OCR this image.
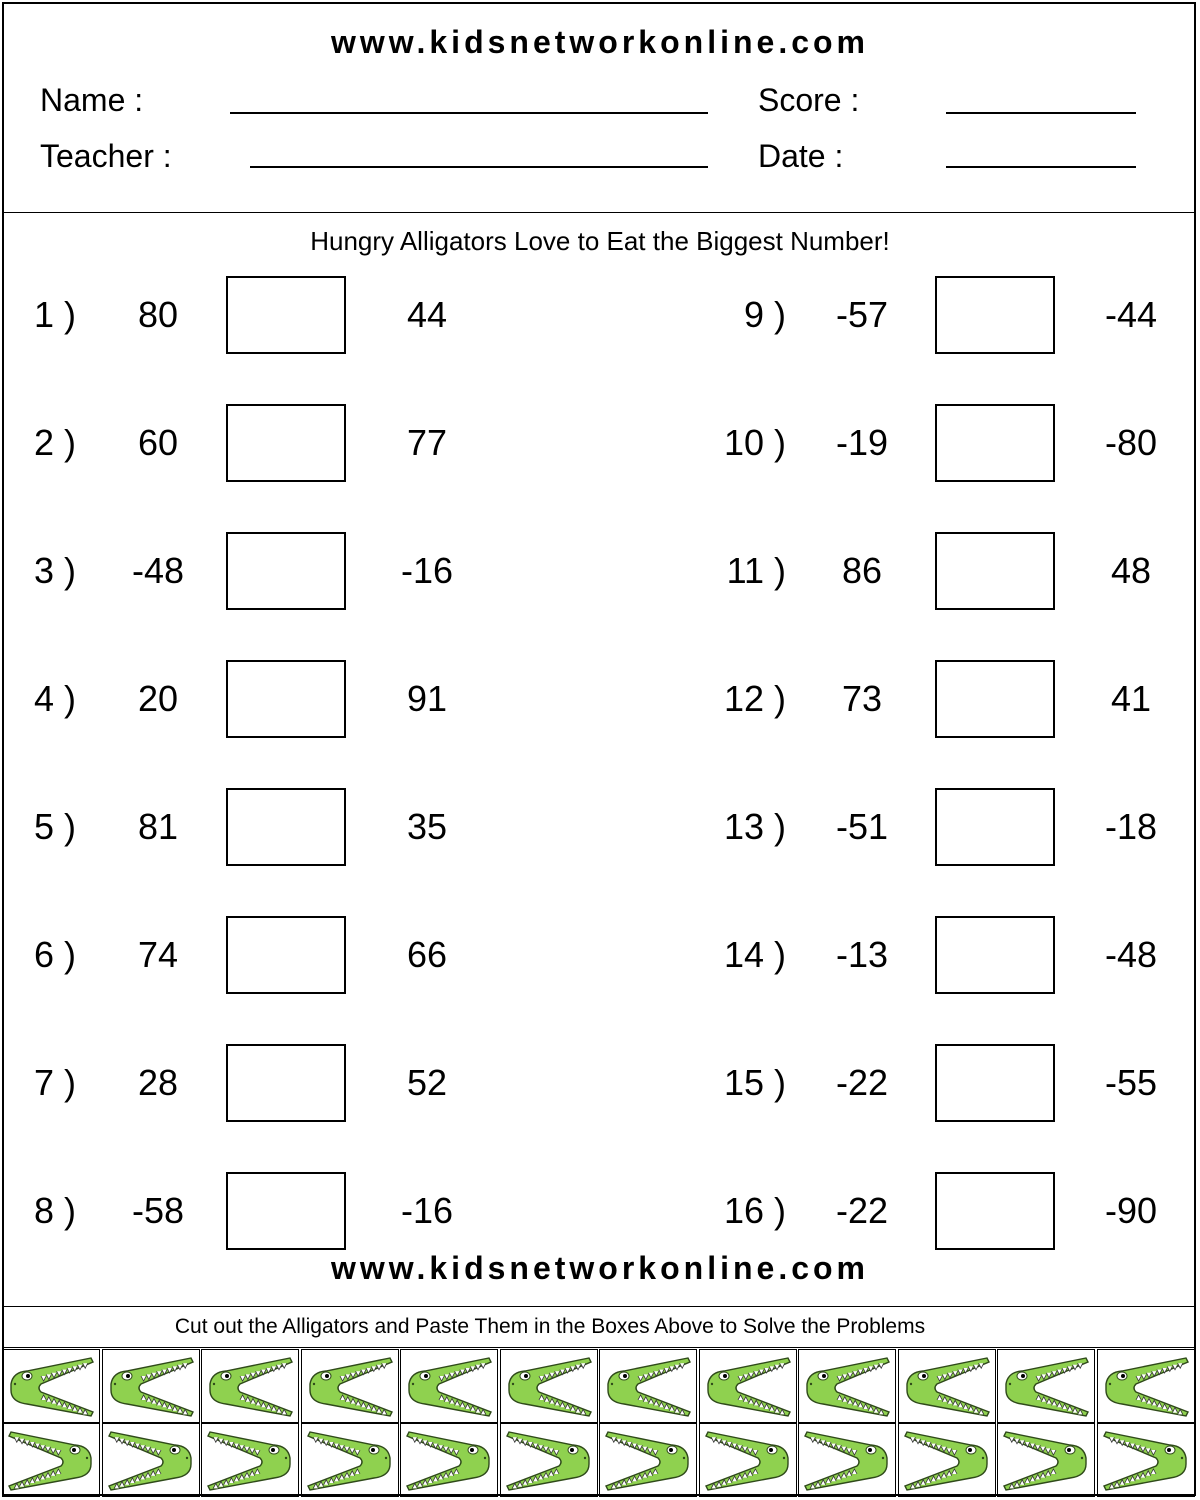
www.kidsnetworkonline.com
Name :	Score :
Teacher :	Date :
Hungry Alligators Love to Eat the Biggest Number!
1 )	80	44
2 )	60	77
3 )	-48	-16
4 )	20	91
5 )	81	35
6 )	74	66
7 )	28	52
8 )	-58	-16
9 )	-57	-44
10 )	-19	-80
11 )	86	48
12 )	73	41
13 )	-51	-18
14 )	-13	-48
15 )	-22	-55
16 )	-22	-90
www.kidsnetworkonline.com
Cut out the Alligators and Paste Them in the Boxes Above to Solve the Problems
